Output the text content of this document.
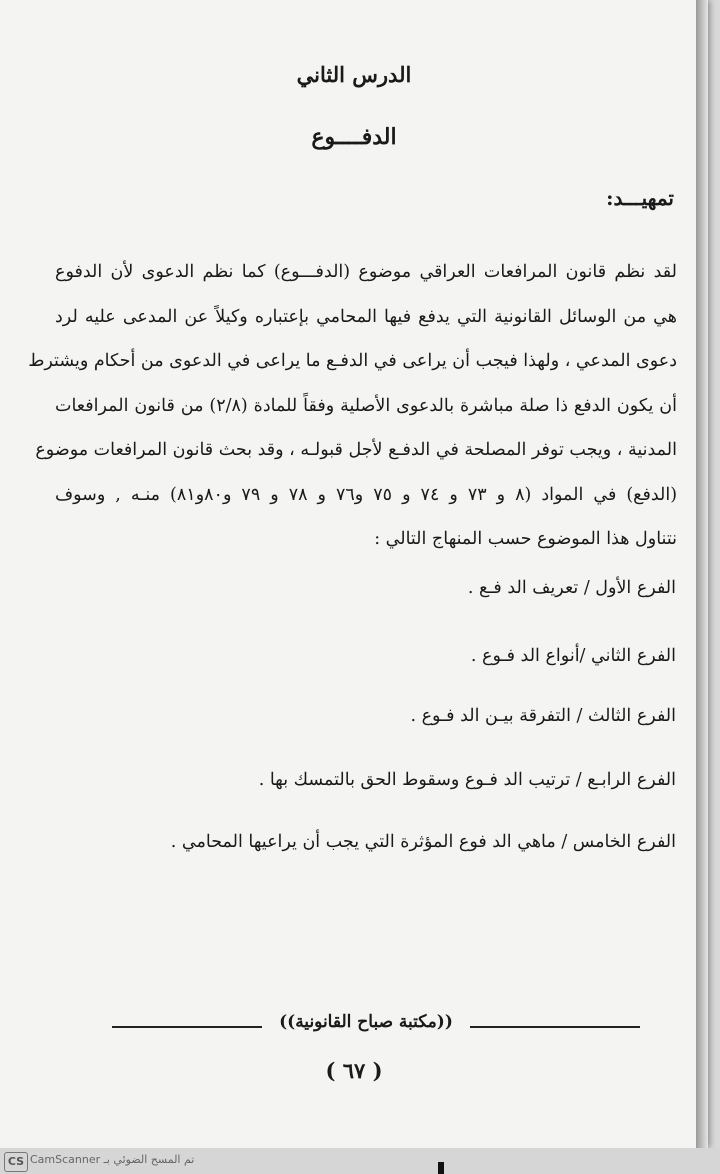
الدرس الثاني
الدفــــوع
تمهيـــد:
لقد نظم قانون المرافعات العراقي موضوع (الدفـــوع) كما نظم الدعوى لأن الدفوع
هي من الوسائل القانونية التي يدفع فيها المحامي بإعتباره وكيلاً عن المدعى عليه لرد
دعوى المدعي ، ولهذا فيجب أن يراعى في الدفـع ما يراعى في الدعوى من أحكام ويشترط
أن يكون الدفع ذا صلة مباشرة بالدعوى الأصلية وفقاً للمادة (٢/٨) من قانون المرافعات
المدنية ، ويجب توفر المصلحة في الدفـع لأجل قبولـه ، وقد بحث قانون المرافعات موضوع
(الدفع) في المواد (٨ و ٧٣ و ٧٤ و ٧٥ و٧٦ و ٧٨ و ٧٩ و٨٠و٨١) منـه , وسوف
نتناول هذا الموضوع حسب المنهاج التالي :
الفرع الأول / تعريف الد فـع .
الفرع الثاني /أنواع الد فـوع .
الفرع الثالث / التفرقة بيـن الد فـوع .
الفرع الرابـع / ترتيب الد فـوع وسقوط الحق بالتمسك بها .
الفرع الخامس / ماهي الد فوع المؤثرة التي يجب أن يراعيها المحامي .
((مكتبة صباح القانونية))
( ٦٧ )
CS تم المسح الضوئي بـ CamScanner
